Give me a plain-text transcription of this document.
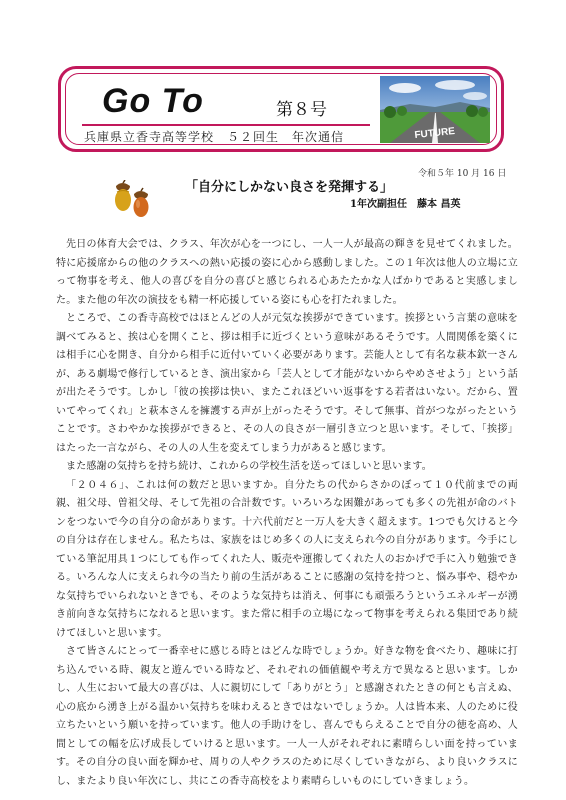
Go To	第８号
兵庫県立香寺高等学校　５２回生　年次通信	FUTURE
令和５年 10 月 16 日
「自分にしかない良さを発揮する」
1年次副担任　藤本 昌英

先日の体育大会では、クラス、年次が心を一つにし、一人一人が最高の輝きを見せてくれました。特に応援席からの他のクラスへの熱い応援の姿に心から感動しました。この１年次は他人の立場に立って物事を考え、他人の喜びを自分の喜びと感じられる心あたたかな人ばかりであると実感しました。また他の年次の演技をも精一杯応援している姿にも心を打たれました。

ところで、この香寺高校ではほとんどの人が元気な挨拶ができています。挨拶という言葉の意味を調べてみると、挨は心を開くこと、拶は相手に近づくという意味があるそうです。人間関係を築くには相手に心を開き、自分から相手に近付いていく必要があります。芸能人として有名な萩本欽一さんが、ある劇場で修行しているとき、演出家から「芸人として才能がないからやめさせよう」という話が出たそうです。しかし「彼の挨拶は快い、またこれほどいい返事をする若者はいない。だから、置いてやってくれ」と萩本さんを擁護する声が上がったそうです。そして無事、首がつながったということです。さわやかな挨拶ができると、その人の良さが一層引き立つと思います。そして、「挨拶」はたった一言ながら、その人の人生を変えてしまう力があると感じます。

また感謝の気持ちを持ち続け、これからの学校生活を送ってほしいと思います。

「２０４６」、これは何の数だと思いますか。自分たちの代からさかのぼって１０代前までの両親、祖父母、曽祖父母、そして先祖の合計数です。いろいろな困難があっても多くの先祖が命のバトンをつないで今の自分の命があります。十六代前だと一万人を大きく超えます。1つでも欠けると今の自分は存在しません。私たちは、家族をはじめ多くの人に支えられ今の自分があります。今手にしている筆記用具１つにしても作ってくれた人、販売や運搬してくれた人のおかげで手に入り勉強できる。いろんな人に支えられ今の当たり前の生活があることに感謝の気持を持つと、悩み事や、穏やかな気持ちでいられないときでも、そのような気持ちは消え、何事にも頑張ろうというエネルギーが湧き前向きな気持ちになれると思います。また常に相手の立場になって物事を考えられる集団であり続けてほしいと思います。

さて皆さんにとって一番幸せに感じる時とはどんな時でしょうか。好きな物を食べたり、趣味に打ち込んでいる時、親友と遊んでいる時など、それぞれの価値観や考え方で異なると思います。しかし、人生において最大の喜びは、人に親切にして「ありがとう」と感謝されたときの何とも言えぬ、心の底から湧き上がる温かい気持ちを味わえるときではないでしょうか。人は皆本来、人のために役立ちたいという願いを持っています。他人の手助けをし、喜んでもらえることで自分の徳を高め、人間としての幅を広げ成長していけると思います。一人一人がそれぞれに素晴らしい面を持っています。その自分の良い面を輝かせ、周りの人やクラスのために尽くしていきながら、より良いクラスにし、またより良い年次にし、共にこの香寺高校をより素晴らしいものにしていきましょう。
